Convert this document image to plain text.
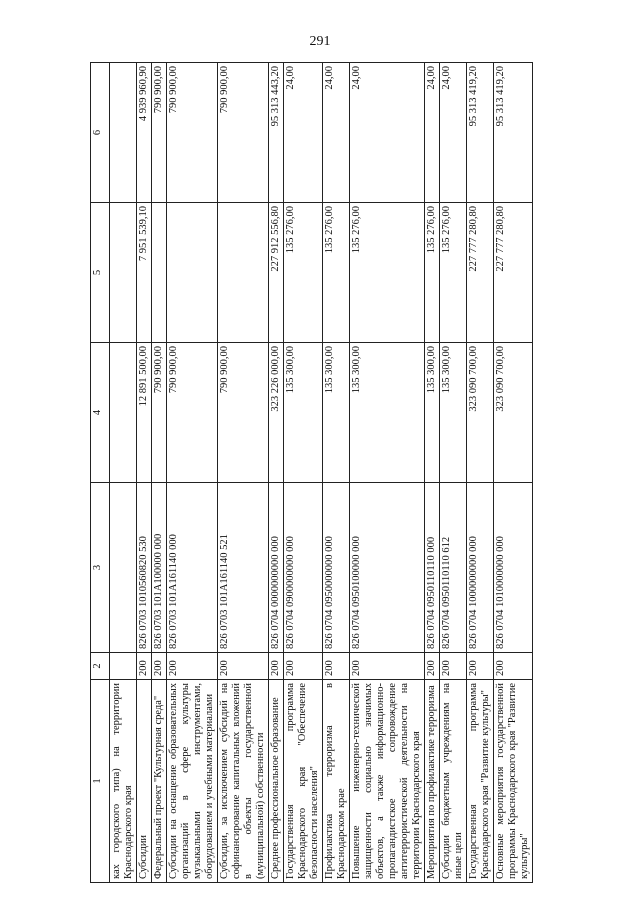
291
1	2	3	4	5	6
ках городского типа) на территории Краснодарского края					
Субсидии	200	826 0703 1010560820 530	12 891 500,00	7 951 539,10	4 939 960,90
Федеральный проект "Культурная среда"	200	826 0703 101А100000 000	790 900,00		790 900,00
Субсидии на оснащение образовательных организаций в сфере культуры музыкальными инструментами, оборудованием и учебными материалами	200	826 0703 101А161140 000	790 900,00		790 900,00
Субсидии, за исключением субсидий на софинансирование капитальных вложений в объекты государственной (муниципальной) собственности	200	826 0703 101А161140 521	790 900,00		790 900,00
Среднее профессиональное образование	200	826 0704 0000000000 000	323 226 000,00	227 912 556,80	95 313 443,20
Государственная программа Краснодарского края "Обеспечение безопасности населения"	200	826 0704 0900000000 000	135 300,00	135 276,00	24,00
Профилактика терроризма в Краснодарском крае	200	826 0704 0950000000 000	135 300,00	135 276,00	24,00
Повышение инженерно-технической защищенности социально значимых объектов, а также информационно-пропагандистское сопровождение антитеррористической деятельности на территории Краснодарского края	200	826 0704 0950100000 000	135 300,00	135 276,00	24,00
Мероприятия по профилактике терроризма	200	826 0704 0950110110 000	135 300,00	135 276,00	24,00
Субсидии бюджетным учреждениям на иные цели	200	826 0704 0950110110 612	135 300,00	135 276,00	24,00
Государственная программа Краснодарского края "Развитие культуры"	200	826 0704 1000000000 000	323 090 700,00	227 777 280,80	95 313 419,20
Основные мероприятия государственной программы Краснодарского края "Развитие культуры"	200	826 0704 1010000000 000	323 090 700,00	227 777 280,80	95 313 419,20
